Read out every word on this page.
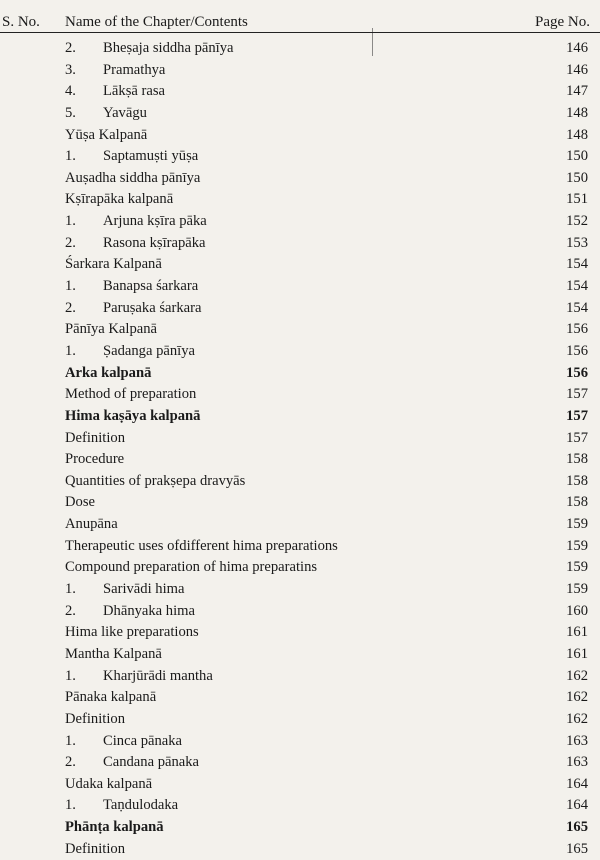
S. No. Name of the Chapter/Contents	Page No.
2. Bheṣaja siddha pānīya	146
3. Pramathya	146
4. Lākṣā rasa	147
5. Yavāgu	148
Yūṣa Kalpanā	148
1. Saptamuṣti yūṣa	150
Auṣadha siddha pānīya	150
Kṣīrapāka kalpanā	151
1. Arjuna kṣīra pāka	152
2. Rasona kṣīrapāka	153
Śarkara Kalpanā	154
1. Banapsa śarkara	154
2. Paruṣaka śarkara	154
Pānīya Kalpanā	156
1. Ṣadanga pānīya	156
Arka kalpanā	156
Method of preparation	157
Hima kaṣāya kalpanā	157
Definition	157
Procedure	158
Quantities of prakṣepa dravyās	158
Dose	158
Anupāna	159
Therapeutic uses ofdifferent hima preparations	159
Compound preparation of hima preparatins	159
1. Sarivādi hima	159
2. Dhānyaka hima	160
Hima like preparations	161
Mantha Kalpanā	161
1. Kharjūrādi mantha	162
Pānaka kalpanā	162
Definition	162
1. Cinca pānaka	163
2. Candana pānaka	163
Udaka kalpanā	164
1. Taṇdulodaka	164
Phānṭa kalpanā	165
Definition	165
